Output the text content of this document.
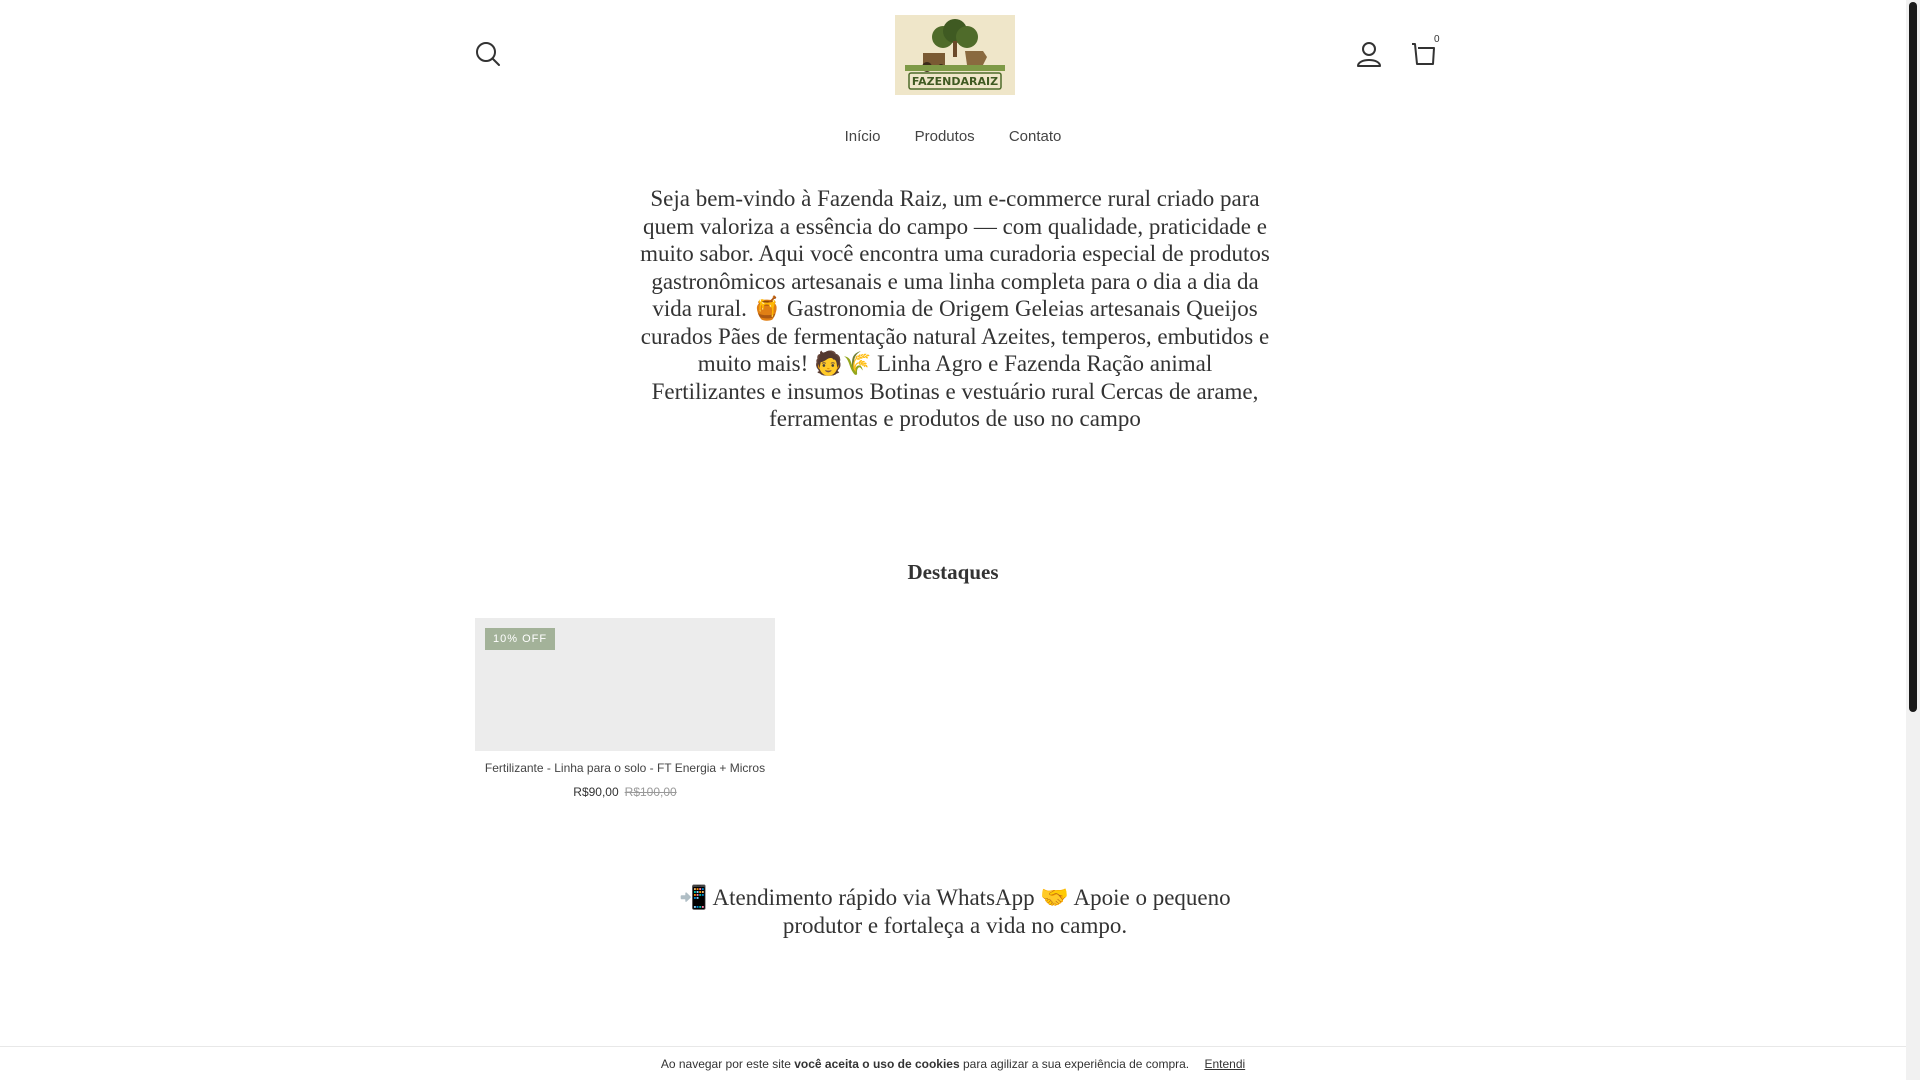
FAZENDARAIZ
0
Início Produtos Contato

Seja bem-vindo à Fazenda Raiz, um e-commerce rural criado para quem valoriza a essência do campo — com qualidade, praticidade e muito sabor. Aqui você encontra uma curadoria especial de produtos gastronômicos artesanais e uma linha completa para o dia a dia da vida rural. 🍯 Gastronomia de Origem Geleias artesanais Queijos curados Pães de fermentação natural Azeites, temperos, embutidos e muito mais! 🧑🌾 Linha Agro e Fazenda Ração animal Fertilizantes e insumos Botinas e vestuário rural Cercas de arame, ferramentas e produtos de uso no campo

Destaques
10% OFF
Fertilizante - Linha para o solo - FT Energia + Micros
R$90,00 R$100,00

📲 Atendimento rápido via WhatsApp 🤝 Apoie o pequeno produtor e fortaleça a vida no campo.

Ao navegar por este site você aceita o uso de cookies para agilizar a sua experiência de compra. Entendi
